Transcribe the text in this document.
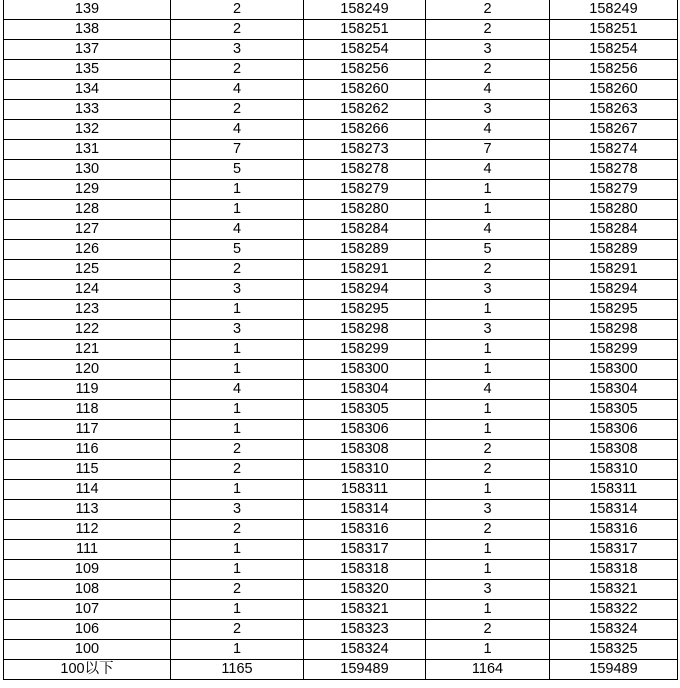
139	2	158249	2	158249
138	2	158251	2	158251
137	3	158254	3	158254
135	2	158256	2	158256
134	4	158260	4	158260
133	2	158262	3	158263
132	4	158266	4	158267
131	7	158273	7	158274
130	5	158278	4	158278
129	1	158279	1	158279
128	1	158280	1	158280
127	4	158284	4	158284
126	5	158289	5	158289
125	2	158291	2	158291
124	3	158294	3	158294
123	1	158295	1	158295
122	3	158298	3	158298
121	1	158299	1	158299
120	1	158300	1	158300
119	4	158304	4	158304
118	1	158305	1	158305
117	1	158306	1	158306
116	2	158308	2	158308
115	2	158310	2	158310
114	1	158311	1	158311
113	3	158314	3	158314
112	2	158316	2	158316
111	1	158317	1	158317
109	1	158318	1	158318
108	2	158320	3	158321
107	1	158321	1	158322
106	2	158323	2	158324
100	1	158324	1	158325
100以下	1165	159489	1164	159489
